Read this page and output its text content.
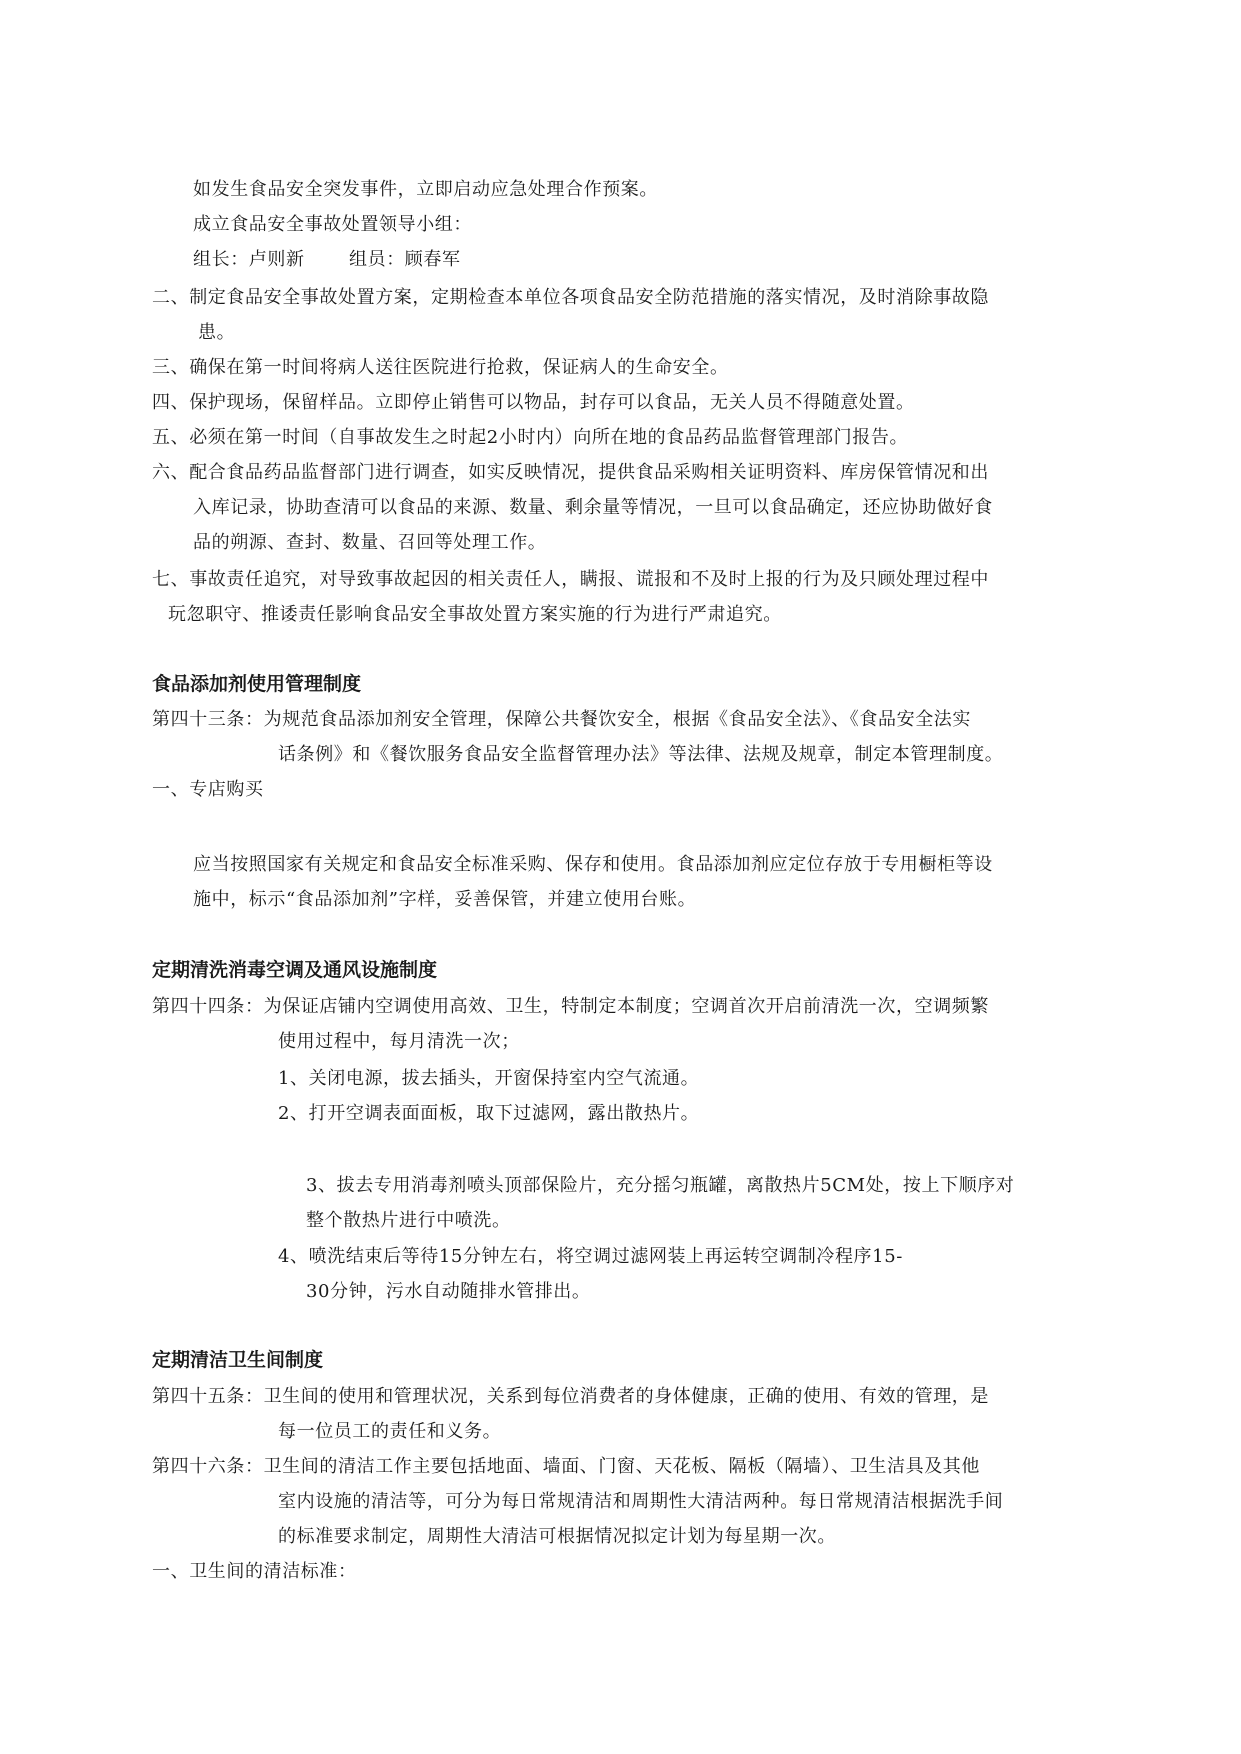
如发生食品安全突发事件，立即启动应急处理合作预案。
成立食品安全事故处置领导小组：
组长：卢则新 组员：顾春军
二、制定食品安全事故处置方案，定期检查本单位各项食品安全防范措施的落实情况，及时消除事故隐
患。
三、确保在第一时间将病人送往医院进行抢救，保证病人的生命安全。
四、保护现场，保留样品。立即停止销售可以物品，封存可以食品，无关人员不得随意处置。
五、必须在第一时间（自事故发生之时起2小时内）向所在地的食品药品监督管理部门报告。
六、配合食品药品监督部门进行调查，如实反映情况，提供食品采购相关证明资料、库房保管情况和出
入库记录，协助查清可以食品的来源、数量、剩余量等情况，一旦可以食品确定，还应协助做好食
品的朔源、查封、数量、召回等处理工作。
七、事故责任追究，对导致事故起因的相关责任人，瞒报、谎报和不及时上报的行为及只顾处理过程中
玩忽职守、推诿责任影响食品安全事故处置方案实施的行为进行严肃追究。
食品添加剂使用管理制度
第四十三条：为规范食品添加剂安全管理，保障公共餐饮安全，根据《食品安全法》、《食品安全法实
话条例》和《餐饮服务食品安全监督管理办法》等法律、法规及规章，制定本管理制度。
一、专店购买
应当按照国家有关规定和食品安全标准采购、保存和使用。食品添加剂应定位存放于专用橱柜等设
施中，标示“食品添加剂”字样，妥善保管，并建立使用台账。
定期清洗消毒空调及通风设施制度
第四十四条：为保证店铺内空调使用高效、卫生，特制定本制度；空调首次开启前清洗一次，空调频繁
使用过程中，每月清洗一次；
1、关闭电源，拔去插头，开窗保持室内空气流通。
2、打开空调表面面板，取下过滤网，露出散热片。
3、拔去专用消毒剂喷头顶部保险片，充分摇匀瓶罐，离散热片5CM处，按上下顺序对
整个散热片进行中喷洗。
4、喷洗结束后等待15分钟左右，将空调过滤网装上再运转空调制冷程序15-
30分钟，污水自动随排水管排出。
定期清洁卫生间制度
第四十五条：卫生间的使用和管理状况，关系到每位消费者的身体健康，正确的使用、有效的管理，是
每一位员工的责任和义务。
第四十六条：卫生间的清洁工作主要包括地面、墙面、门窗、天花板、隔板（隔墙）、卫生洁具及其他
室内设施的清洁等，可分为每日常规清洁和周期性大清洁两种。每日常规清洁根据洗手间
的标准要求制定，周期性大清洁可根据情况拟定计划为每星期一次。
一、卫生间的清洁标准：
